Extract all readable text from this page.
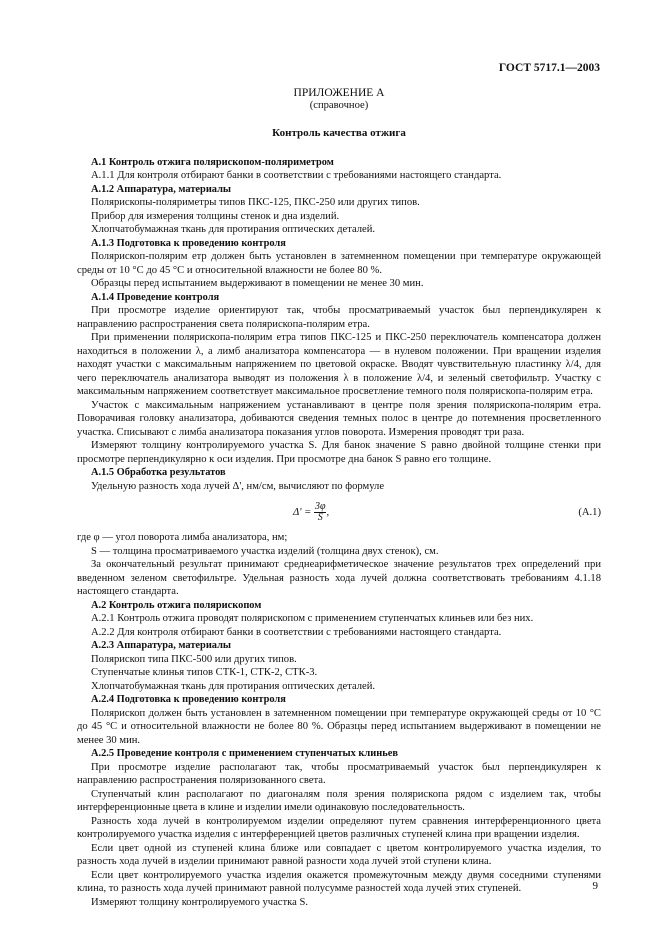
ГОСТ 5717.1—2003
ПРИЛОЖЕНИЕ А
(справочное)
Контроль качества отжига

А.1 Контроль отжига полярископом-поляриметром

А.1.1 Для контроля отбирают банки в соответствии с требованиями настоящего стандарта.

А.1.2 Аппаратура, материалы

Полярископы-поляриметры типов ПКС-125, ПКС-250 или других типов.

Прибор для измерения толщины стенок и дна изделий.

Хлопчатобумажная ткань для протирания оптических деталей.

А.1.3 Подготовка к проведению контроля

Полярископ-полярим етр должен быть установлен в затемненном помещении при температуре окружающей среды от 10 °С до 45 °С и относительной влажности не более 80 %.

Образцы перед испытанием выдерживают в помещении не менее 30 мин.

А.1.4 Проведение контроля

При просмотре изделие ориентируют так, чтобы просматриваемый участок был перпендикулярен к направлению распространения света полярископа-полярим етра.

При применении полярископа-полярим етра типов ПКС-125 и ПКС-250 переключатель компенсатора должен находиться в положении λ, а лимб анализатора компенсатора — в нулевом положении. При вращении изделия находят участки с максимальным напряжением по цветовой окраске. Вводят чувствительную пластинку λ/4, для чего переключатель анализатора выводят из положения λ в положение λ/4, и зеленый светофильтр. Участку с максимальным напряжением соответствует максимальное просветление темного поля полярископа-полярим етра.

Участок с максимальным напряжением устанавливают в центре поля зрения полярископа-полярим етра. Поворачивая головку анализатора, добиваются сведения темных полос в центре до потемнения просветленного участка. Списывают с лимба анализатора показания углов поворота. Измерения проводят три раза.

Измеряют толщину контролируемого участка S. Для банок значение S равно двойной толщине стенки при просмотре перпендикулярно к оси изделия. При просмотре дна банок S равно его толщине.

А.1.5 Обработка результатов

Удельную разность хода лучей Δ', нм/см, вычисляют по формуле

$\Delta' = \frac{3\varphi}{S}$ ,	(А.1)

где φ — угол поворота лимба анализатора, нм;

S — толщина просматриваемого участка изделий (толщина двух стенок), см.

За окончательный результат принимают среднеарифметическое значение результатов трех определений при введенном зеленом светофильтре. Удельная разность хода лучей должна соответствовать требованиям 4.1.18 настоящего стандарта.

А.2 Контроль отжига полярископом

А.2.1 Контроль отжига проводят полярископом с применением ступенчатых клиньев или без них.

А.2.2 Для контроля отбирают банки в соответствии с требованиями настоящего стандарта.

А.2.3 Аппаратура, материалы

Полярископ типа ПКС-500 или других типов.

Ступенчатые клинья типов СТК-1, СТК-2, СТК-3.

Хлопчатобумажная ткань для протирания оптических деталей.

А.2.4 Подготовка к проведению контроля

Полярископ должен быть установлен в затемненном помещении при температуре окружающей среды от 10 °С до 45 °С и относительной влажности не более 80 %. Образцы перед испытанием выдерживают в помещении не менее 30 мин.

А.2.5 Проведение контроля с применением ступенчатых клиньев

При просмотре изделие располагают так, чтобы просматриваемый участок был перпендикулярен к направлению распространения поляризованного света.

Ступенчатый клин располагают по диагоналям поля зрения полярископа рядом с изделием так, чтобы интерференционные цвета в клине и изделии имели одинаковую последовательность.

Разность хода лучей в контролируемом изделии определяют путем сравнения интерференционного цвета контролируемого участка изделия с интерференцией цветов различных ступеней клина при вращении изделия.

Если цвет одной из ступеней клина ближе или совпадает с цветом контролируемого участка изделия, то разность хода лучей в изделии принимают равной разности хода лучей этой ступени клина.

Если цвет контролируемого участка изделия окажется промежуточным между двумя соседними ступенями клина, то разность хода лучей принимают равной полусумме разностей хода лучей этих ступеней.

Измеряют толщину контролируемого участка S.

9
